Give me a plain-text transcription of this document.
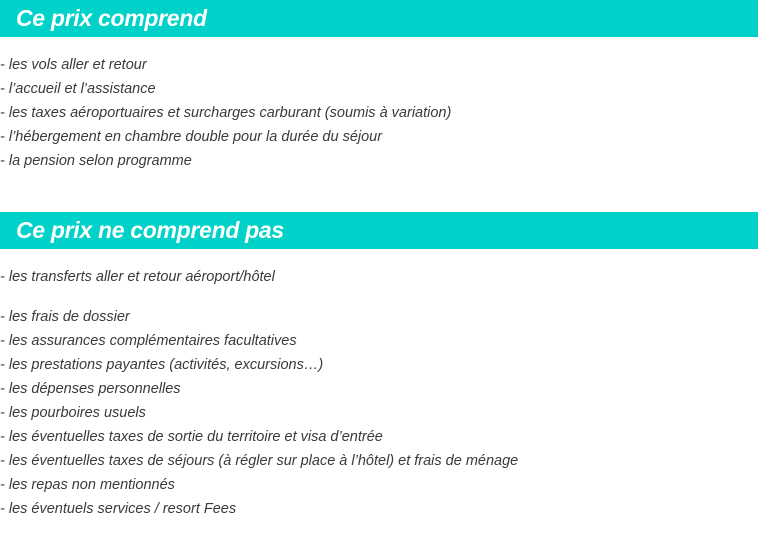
Ce prix comprend
- les vols aller et retour
- l’accueil et l’assistance
- les taxes aéroportuaires et surcharges carburant (soumis à variation)
- l’hébergement en chambre double pour la durée du séjour
- la pension selon programme
Ce prix ne comprend pas
- les transferts aller et retour aéroport/hôtel
- les frais de dossier
- les assurances complémentaires facultatives
- les prestations payantes (activités, excursions…)
- les dépenses personnelles
- les pourboires usuels
- les éventuelles taxes de sortie du territoire et visa d’entrée
- les éventuelles taxes de séjours (à régler sur place à l’hôtel) et frais de ménage
- les repas non mentionnés
- les éventuels services / resort Fees
